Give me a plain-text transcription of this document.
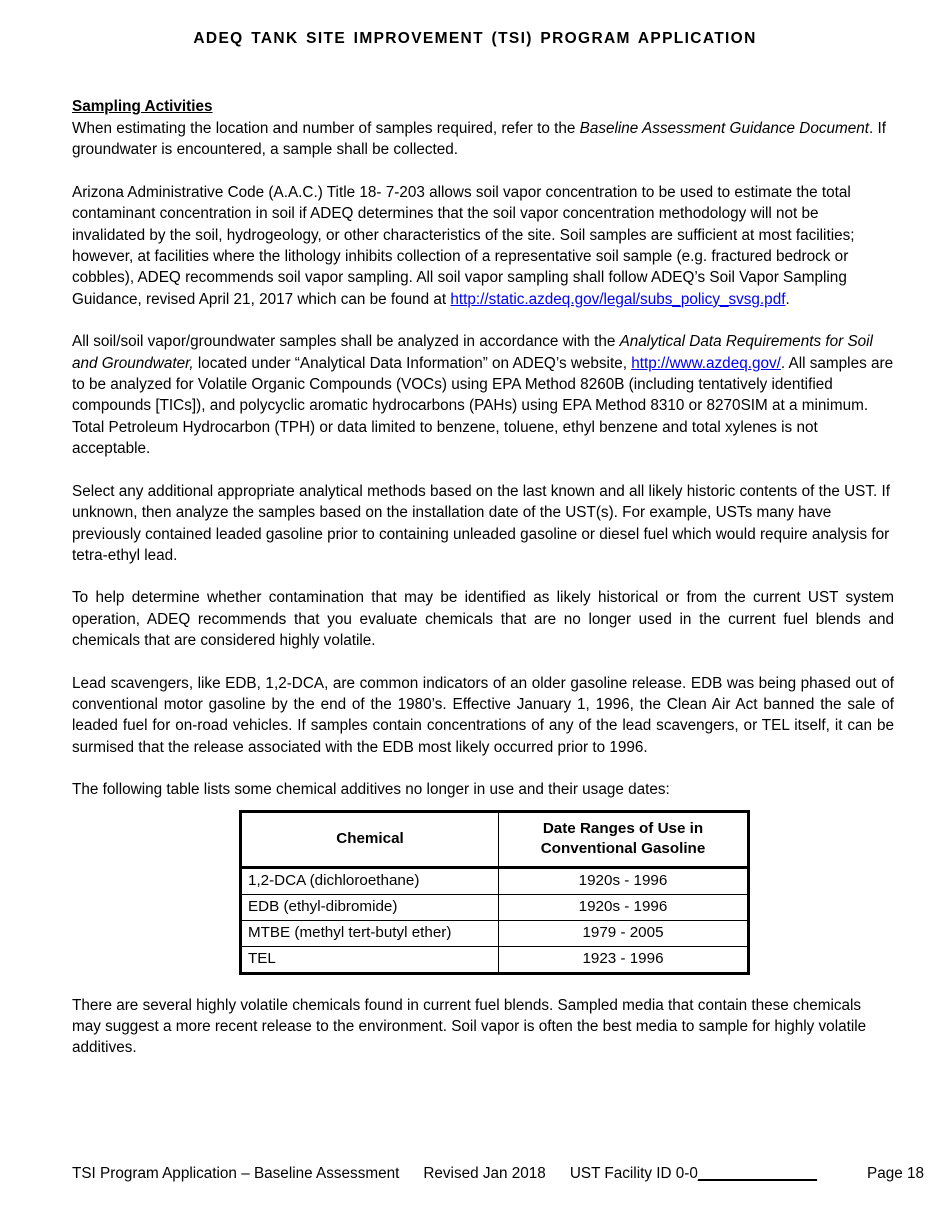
ADEQ TANK SITE IMPROVEMENT (TSI) PROGRAM APPLICATION
Sampling Activities

When estimating the location and number of samples required, refer to the Baseline Assessment Guidance Document. If groundwater is encountered, a sample shall be collected.

Arizona Administrative Code (A.A.C.) Title 18- 7-203 allows soil vapor concentration to be used to estimate the total contaminant concentration in soil if ADEQ determines that the soil vapor concentration methodology will not be invalidated by the soil, hydrogeology, or other characteristics of the site. Soil samples are sufficient at most facilities; however, at facilities where the lithology inhibits collection of a representative soil sample (e.g. fractured bedrock or cobbles), ADEQ recommends soil vapor sampling. All soil vapor sampling shall follow ADEQ’s Soil Vapor Sampling Guidance, revised April 21, 2017 which can be found at http://static.azdeq.gov/legal/subs_policy_svsg.pdf.

All soil/soil vapor/groundwater samples shall be analyzed in accordance with the Analytical Data Requirements for Soil and Groundwater, located under “Analytical Data Information” on ADEQ’s website, http://www.azdeq.gov/. All samples are to be analyzed for Volatile Organic Compounds (VOCs) using EPA Method 8260B (including tentatively identified compounds [TICs]), and polycyclic aromatic hydrocarbons (PAHs) using EPA Method 8310 or 8270SIM at a minimum. Total Petroleum Hydrocarbon (TPH) or data limited to benzene, toluene, ethyl benzene and total xylenes is not acceptable.

Select any additional appropriate analytical methods based on the last known and all likely historic contents of the UST. If unknown, then analyze the samples based on the installation date of the UST(s). For example, USTs many have previously contained leaded gasoline prior to containing unleaded gasoline or diesel fuel which would require analysis for tetra-ethyl lead.

To help determine whether contamination that may be identified as likely historical or from the current UST system operation, ADEQ recommends that you evaluate chemicals that are no longer used in the current fuel blends and chemicals that are considered highly volatile.

Lead scavengers, like EDB, 1,2-DCA, are common indicators of an older gasoline release. EDB was being phased out of conventional motor gasoline by the end of the 1980’s. Effective January 1, 1996, the Clean Air Act banned the sale of leaded fuel for on-road vehicles. If samples contain concentrations of any of the lead scavengers, or TEL itself, it can be surmised that the release associated with the EDB most likely occurred prior to 1996.

The following table lists some chemical additives no longer in use and their usage dates:

Chemical	Date Ranges of Use in
Conventional Gasoline
1,2-DCA (dichloroethane)	1920s - 1996
EDB (ethyl-dibromide)	1920s - 1996
MTBE (methyl tert-butyl ether)	1979 - 2005
TEL	1923 - 1996

There are several highly volatile chemicals found in current fuel blends. Sampled media that contain these chemicals may suggest a more recent release to the environment. Soil vapor is often the best media to sample for highly volatile additives.

TSI Program Application – Baseline Assessment Revised Jan 2018 UST Facility ID 0-0______________	Page 18
